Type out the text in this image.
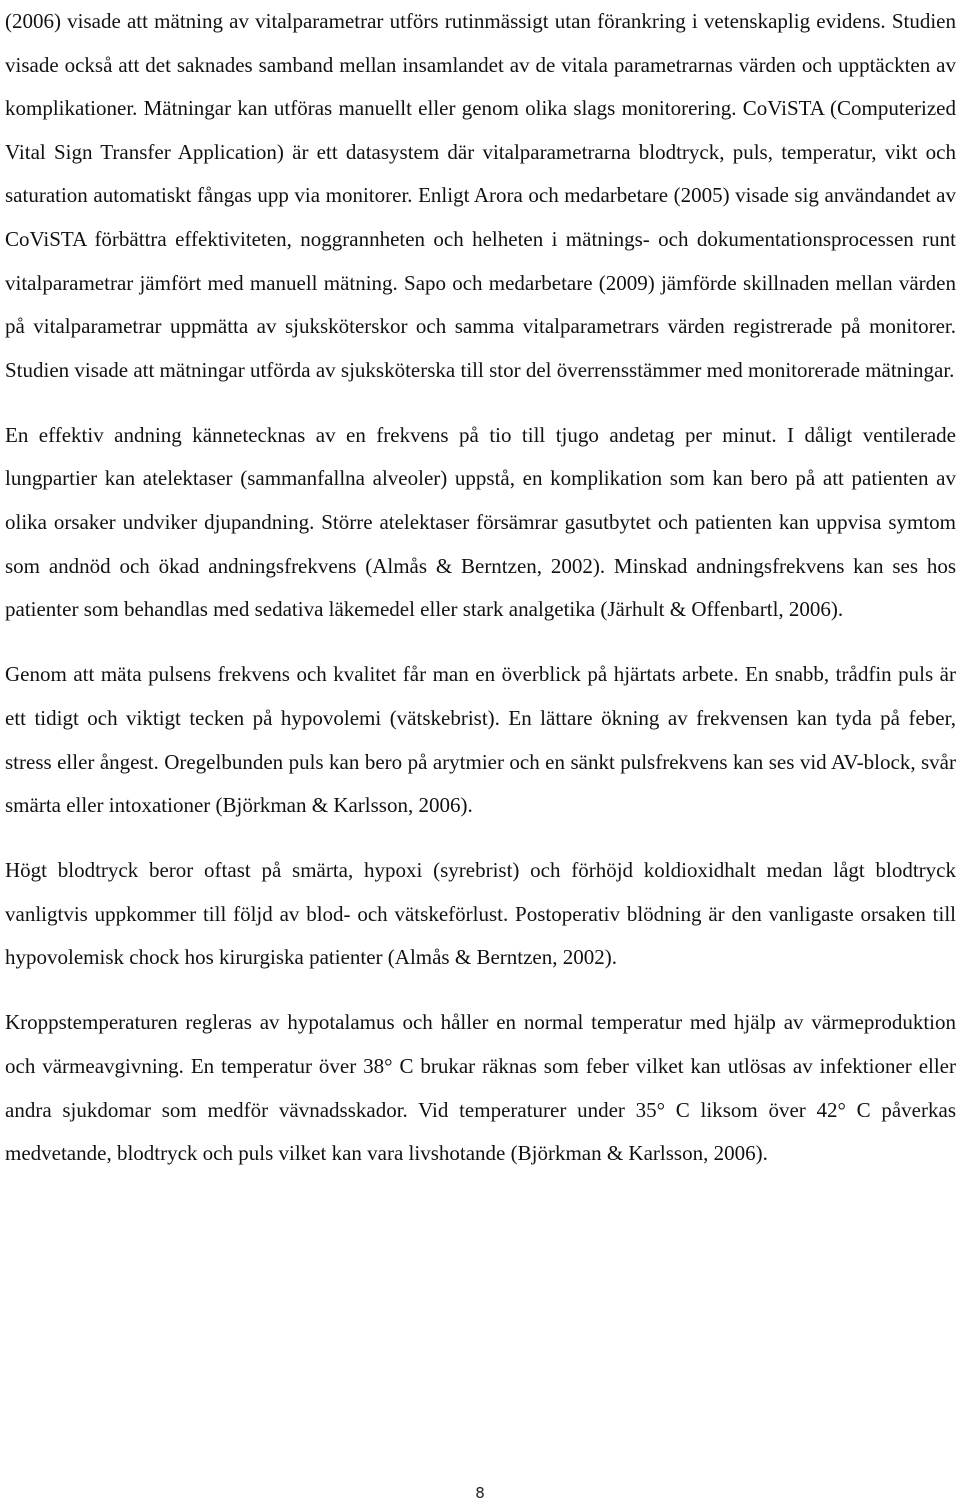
(2006) visade att mätning av vitalparametrar utförs rutinmässigt utan förankring i vetenskaplig evidens. Studien visade också att det saknades samband mellan insamlandet av de vitala parametrarnas värden och upptäckten av komplikationer. Mätningar kan utföras manuellt eller genom olika slags monitorering. CoViSTA (Computerized Vital Sign Transfer Application) är ett datasystem där vitalparametrarna blodtryck, puls, temperatur, vikt och saturation automatiskt fångas upp via monitorer. Enligt Arora och medarbetare (2005) visade sig användandet av CoViSTA förbättra effektiviteten, noggrannheten och helheten i mätnings- och dokumentationsprocessen runt vitalparametrar jämfört med manuell mätning. Sapo och medarbetare (2009) jämförde skillnaden mellan värden på vitalparametrar uppmätta av sjuksköterskor och samma vitalparametrars värden registrerade på monitorer. Studien visade att mätningar utförda av sjuksköterska till stor del överrensstämmer med monitorerade mätningar.

En effektiv andning kännetecknas av en frekvens på tio till tjugo andetag per minut. I dåligt ventilerade lungpartier kan atelektaser (sammanfallna alveoler) uppstå, en komplikation som kan bero på att patienten av olika orsaker undviker djupandning. Större atelektaser försämrar gasutbytet och patienten kan uppvisa symtom som andnöd och ökad andningsfrekvens (Almås & Berntzen, 2002). Minskad andningsfrekvens kan ses hos patienter som behandlas med sedativa läkemedel eller stark analgetika (Järhult & Offenbartl, 2006).

Genom att mäta pulsens frekvens och kvalitet får man en överblick på hjärtats arbete. En snabb, trådfin puls är ett tidigt och viktigt tecken på hypovolemi (vätskebrist). En lättare ökning av frekvensen kan tyda på feber, stress eller ångest. Oregelbunden puls kan bero på arytmier och en sänkt pulsfrekvens kan ses vid AV-block, svår smärta eller intoxationer (Björkman & Karlsson, 2006).

Högt blodtryck beror oftast på smärta, hypoxi (syrebrist) och förhöjd koldioxidhalt medan lågt blodtryck vanligtvis uppkommer till följd av blod- och vätskeförlust. Postoperativ blödning är den vanligaste orsaken till hypovolemisk chock hos kirurgiska patienter (Almås & Berntzen, 2002).

Kroppstemperaturen regleras av hypotalamus och håller en normal temperatur med hjälp av värmeproduktion och värmeavgivning. En temperatur över 38° C brukar räknas som feber vilket kan utlösas av infektioner eller andra sjukdomar som medför vävnadsskador. Vid temperaturer under 35° C liksom över 42° C påverkas medvetande, blodtryck och puls vilket kan vara livshotande (Björkman & Karlsson, 2006).

8
